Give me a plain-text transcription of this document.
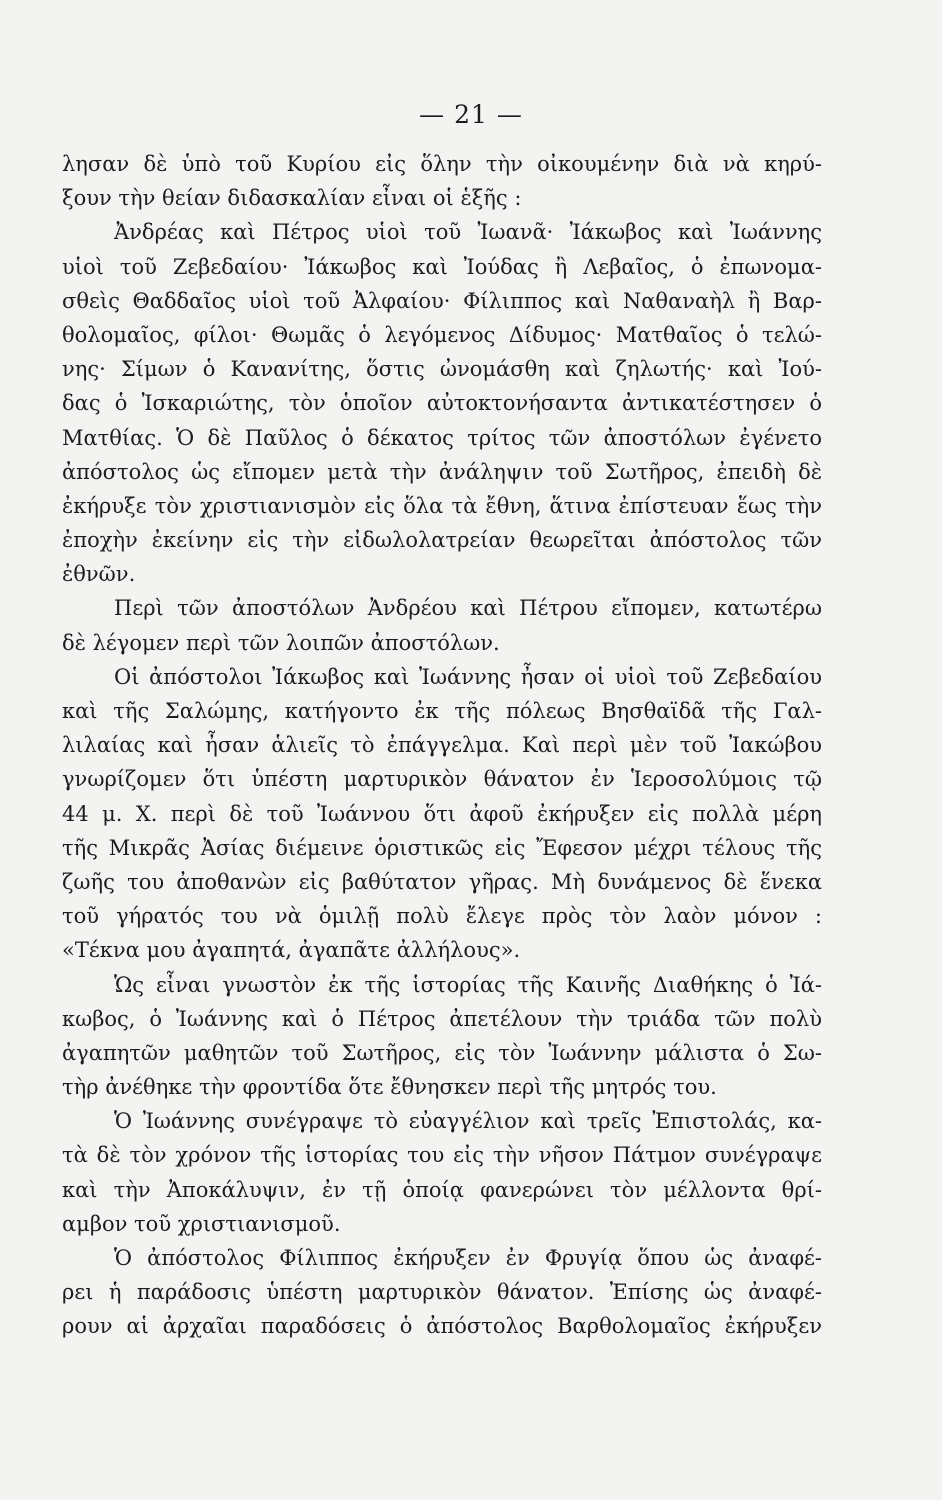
— 21 —
λησαν δὲ ὑπὸ τοῦ Κυρίου εἰς ὅλην τὴν οἰκουμένην διὰ νὰ κηρύ-
ξουν τὴν θείαν διδασκαλίαν εἶναι οἱ ἑξῆς :
Ἀνδρέας καὶ Πέτρος υἱοὶ τοῦ Ἰωανᾶ· Ἰάκωβος καὶ Ἰωάννης
υἱοὶ τοῦ Ζεβεδαίου· Ἰάκωβος καὶ Ἰούδας ἢ Λεβαῖος, ὁ ἐπωνομα-
σθεὶς Θαδδαῖος υἱοὶ τοῦ Ἀλφαίου· Φίλιππος καὶ Ναθαναὴλ ἢ Βαρ-
θολομαῖος, φίλοι· Θωμᾶς ὁ λεγόμενος Δίδυμος· Ματθαῖος ὁ τελώ-
νης· Σίμων ὁ Κανανίτης, ὅστις ὠνομάσθη καὶ ζηλωτής· καὶ Ἰού-
δας ὁ Ἰσκαριώτης, τὸν ὁποῖον αὐτοκτονήσαντα ἀντικατέστησεν ὁ
Ματθίας. Ὁ δὲ Παῦλος ὁ δέκατος τρίτος τῶν ἀποστόλων ἐγένετο
ἀπόστολος ὡς εἴπομεν μετὰ τὴν ἀνάληψιν τοῦ Σωτῆρος, ἐπειδὴ δὲ
ἐκήρυξε τὸν χριστιανισμὸν εἰς ὅλα τὰ ἔθνη, ἅτινα ἐπίστευαν ἕως τὴν
ἐποχὴν ἐκείνην εἰς τὴν εἰδωλολατρείαν θεωρεῖται ἀπόστολος τῶν
ἐθνῶν.
Περὶ τῶν ἀποστόλων Ἀνδρέου καὶ Πέτρου εἴπομεν, κατωτέρω
δὲ λέγομεν περὶ τῶν λοιπῶν ἀποστόλων.
Οἱ ἀπόστολοι Ἰάκωβος καὶ Ἰωάννης ἦσαν οἱ υἱοὶ τοῦ Ζεβεδαίου
καὶ τῆς Σαλώμης, κατήγοντο ἐκ τῆς πόλεως Βησθαϊδᾶ τῆς Γαλ-
λιλαίας καὶ ἦσαν ἁλιεῖς τὸ ἐπάγγελμα. Καὶ περὶ μὲν τοῦ Ἰακώβου
γνωρίζομεν ὅτι ὑπέστη μαρτυρικὸν θάνατον ἐν Ἱεροσολύμοις τῷ
44 μ. Χ. περὶ δὲ τοῦ Ἰωάννου ὅτι ἀφοῦ ἐκήρυξεν εἰς πολλὰ μέρη
τῆς Μικρᾶς Ἀσίας διέμεινε ὁριστικῶς εἰς Ἔφεσον μέχρι τέλους τῆς
ζωῆς του ἀποθανὼν εἰς βαθύτατον γῆρας. Μὴ δυνάμενος δὲ ἕνεκα
τοῦ γήρατός του νὰ ὁμιλῇ πολὺ ἔλεγε πρὸς τὸν λαὸν μόνον :
«Τέκνα μου ἀγαπητά, ἀγαπᾶτε ἀλλήλους».
Ὡς εἶναι γνωστὸν ἐκ τῆς ἱστορίας τῆς Καινῆς Διαθήκης ὁ Ἰά-
κωβος, ὁ Ἰωάννης καὶ ὁ Πέτρος ἀπετέλουν τὴν τριάδα τῶν πολὺ
ἀγαπητῶν μαθητῶν τοῦ Σωτῆρος, εἰς τὸν Ἰωάννην μάλιστα ὁ Σω-
τὴρ ἀνέθηκε τὴν φροντίδα ὅτε ἔθνησκεν περὶ τῆς μητρός του.
Ὁ Ἰωάννης συνέγραψε τὸ εὐαγγέλιον καὶ τρεῖς Ἐπιστολάς, κα-
τὰ δὲ τὸν χρόνον τῆς ἱστορίας του εἰς τὴν νῆσον Πάτμον συνέγραψε
καὶ τὴν Ἀποκάλυψιν, ἐν τῇ ὁποίᾳ φανερώνει τὸν μέλλοντα θρί-
αμβον τοῦ χριστιανισμοῦ.
Ὁ ἀπόστολος Φίλιππος ἐκήρυξεν ἐν Φρυγίᾳ ὅπου ὡς ἀναφέ-
ρει ἡ παράδοσις ὑπέστη μαρτυρικὸν θάνατον. Ἐπίσης ὡς ἀναφέ-
ρουν αἱ ἀρχαῖαι παραδόσεις ὁ ἀπόστολος Βαρθολομαῖος ἐκήρυξεν
